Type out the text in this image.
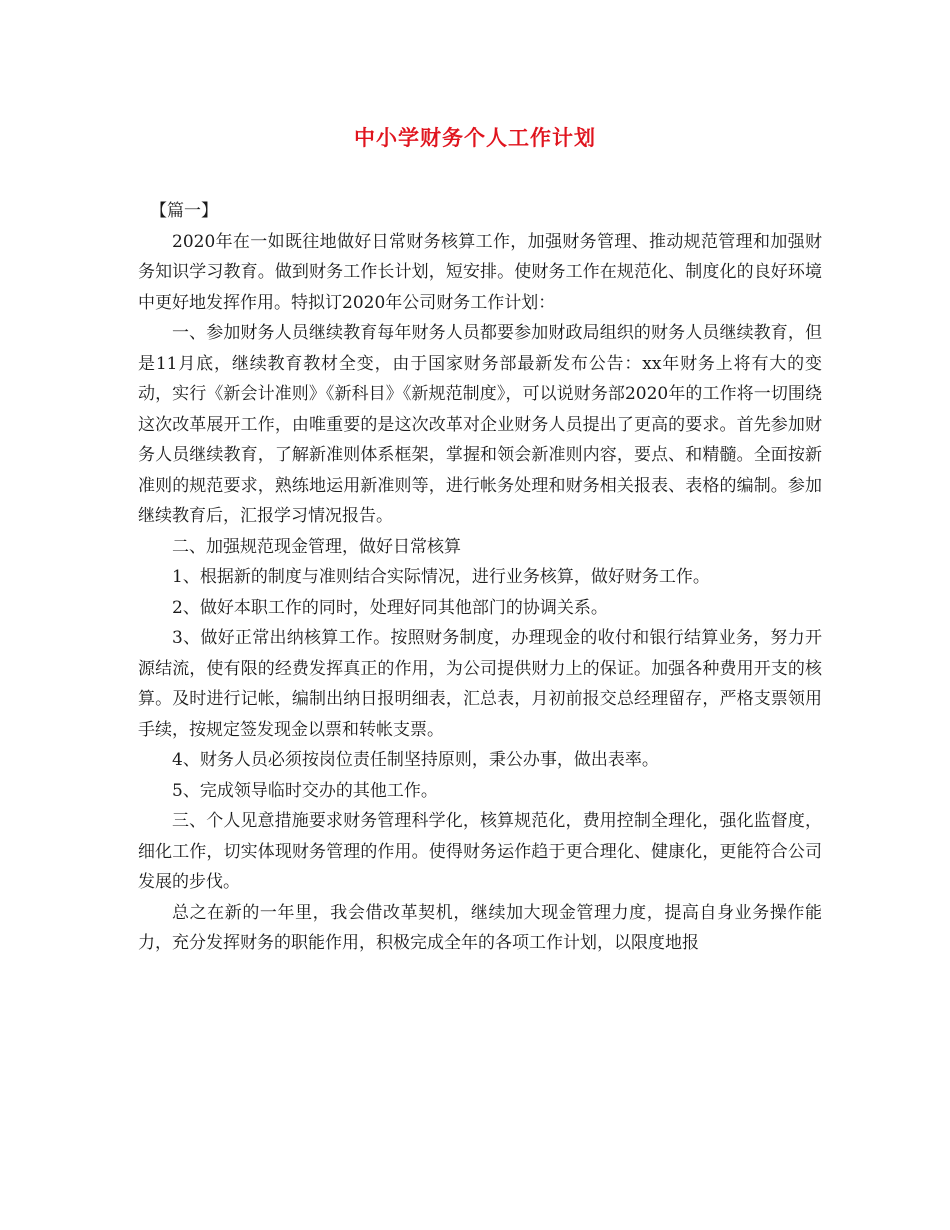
中小学财务个人工作计划

【篇一】

2020年在一如既往地做好日常财务核算工作，加强财务管理、推动规范管理和加强财务知识学习教育。做到财务工作长计划，短安排。使财务工作在规范化、制度化的良好环境中更好地发挥作用。特拟订2020年公司财务工作计划：

一、参加财务人员继续教育每年财务人员都要参加财政局组织的财务人员继续教育，但是11月底，继续教育教材全变，由于国家财务部最新发布公告：xx年财务上将有大的变动，实行《新会计准则》《新科目》《新规范制度》，可以说财务部2020年的工作将一切围绕这次改革展开工作，由唯重要的是这次改革对企业财务人员提出了更高的要求。首先参加财务人员继续教育，了解新准则体系框架，掌握和领会新准则内容，要点、和精髓。全面按新准则的规范要求，熟练地运用新准则等，进行帐务处理和财务相关报表、表格的编制。参加继续教育后，汇报学习情况报告。

二、加强规范现金管理，做好日常核算

1、根据新的制度与准则结合实际情况，进行业务核算，做好财务工作。

2、做好本职工作的同时，处理好同其他部门的协调关系。

3、做好正常出纳核算工作。按照财务制度，办理现金的收付和银行结算业务，努力开源结流，使有限的经费发挥真正的作用，为公司提供财力上的保证。加强各种费用开支的核算。及时进行记帐，编制出纳日报明细表，汇总表，月初前报交总经理留存，严格支票领用手续，按规定签发现金以票和转帐支票。

4、财务人员必须按岗位责任制坚持原则，秉公办事，做出表率。

5、完成领导临时交办的其他工作。

三、个人见意措施要求财务管理科学化，核算规范化，费用控制全理化，强化监督度，细化工作，切实体现财务管理的作用。使得财务运作趋于更合理化、健康化，更能符合公司发展的步伐。

总之在新的一年里，我会借改革契机，继续加大现金管理力度，提高自身业务操作能力，充分发挥财务的职能作用，积极完成全年的各项工作计划，以限度地报
